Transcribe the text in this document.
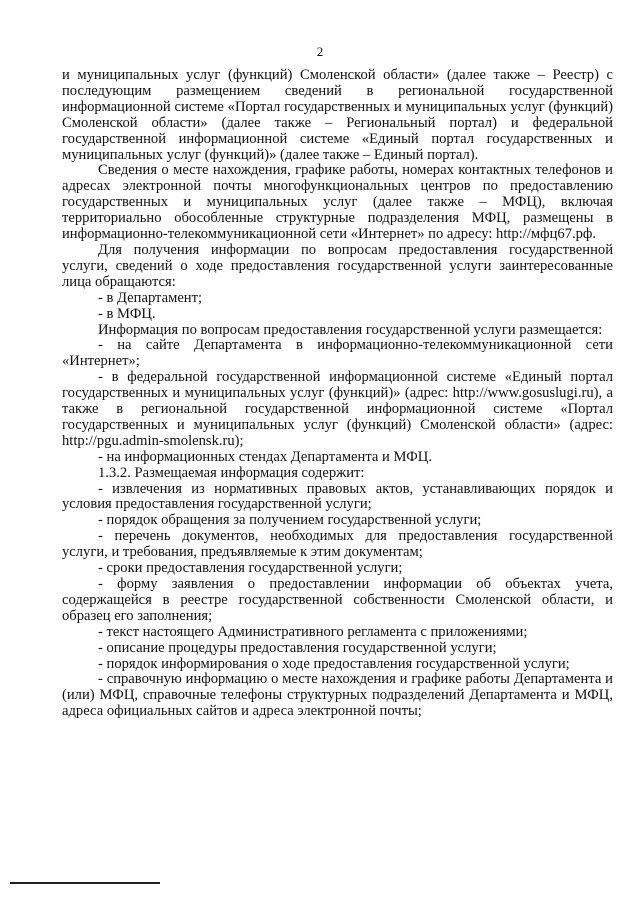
2

и муниципальных услуг (функций) Смоленской области» (далее также – Реестр) с последующим размещением сведений в региональной государственной информационной системе «Портал государственных и муниципальных услуг (функций) Смоленской области» (далее также – Региональный портал) и федеральной государственной информационной системе «Единый портал государственных и муниципальных услуг (функций)» (далее также – Единый портал).

Сведения о месте нахождения, графике работы, номерах контактных телефонов и адресах электронной почты многофункциональных центров по предоставлению государственных и муниципальных услуг (далее также – МФЦ), включая территориально обособленные структурные подразделения МФЦ, размещены в информационно-телекоммуникационной сети «Интернет» по адресу: http://мфц67.рф.

Для получения информации по вопросам предоставления государственной услуги, сведений о ходе предоставления государственной услуги заинтересованные лица обращаются:

- в Департамент;

- в МФЦ.

Информация по вопросам предоставления государственной услуги размещается:

- на сайте Департамента в информационно-телекоммуникационной сети «Интернет»;

- в федеральной государственной информационной системе «Единый портал государственных и муниципальных услуг (функций)» (адрес: http://www.gosuslugi.ru), а также в региональной государственной информационной системе «Портал государственных и муниципальных услуг (функций) Смоленской области» (адрес: http://pgu.admin-smolensk.ru);

- на информационных стендах Департамента и МФЦ.

1.3.2. Размещаемая информация содержит:

- извлечения из нормативных правовых актов, устанавливающих порядок и условия предоставления государственной услуги;

- порядок обращения за получением государственной услуги;

- перечень документов, необходимых для предоставления государственной услуги, и требования, предъявляемые к этим документам;

- сроки предоставления государственной услуги;

- форму заявления о предоставлении информации об объектах учета, содержащейся в реестре государственной собственности Смоленской области, и образец его заполнения;

- текст настоящего Административного регламента с приложениями;

- описание процедуры предоставления государственной услуги;

- порядок информирования о ходе предоставления государственной услуги;

- справочную информацию о месте нахождения и графике работы Департамента и (или) МФЦ, справочные телефоны структурных подразделений Департамента и МФЦ, адреса официальных сайтов и адреса электронной почты;
